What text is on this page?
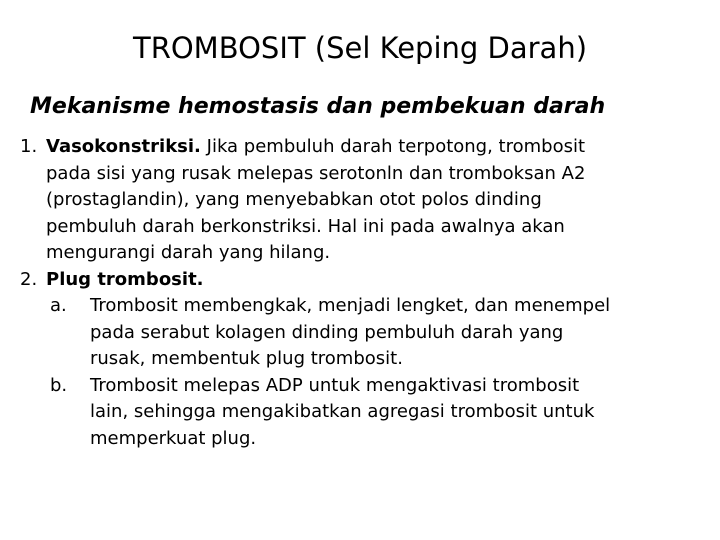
TROMBOSIT (Sel Keping Darah)
Mekanisme hemostasis dan pembekuan darah
1. Vasokonstriksi. Jika pembuluh darah terpotong, trombosit
pada sisi yang rusak melepas serotonln dan tromboksan A2
(prostaglandin), yang menyebabkan otot polos dinding
pembuluh darah berkonstriksi. Hal ini pada awalnya akan
mengurangi darah yang hilang.
2. Plug trombosit.
a. Trombosit membengkak, menjadi lengket, dan menempel
pada serabut kolagen dinding pembuluh darah yang
rusak, membentuk plug trombosit.
b. Trombosit melepas ADP untuk mengaktivasi trombosit
lain, sehingga mengakibatkan agregasi trombosit untuk
memperkuat plug.
